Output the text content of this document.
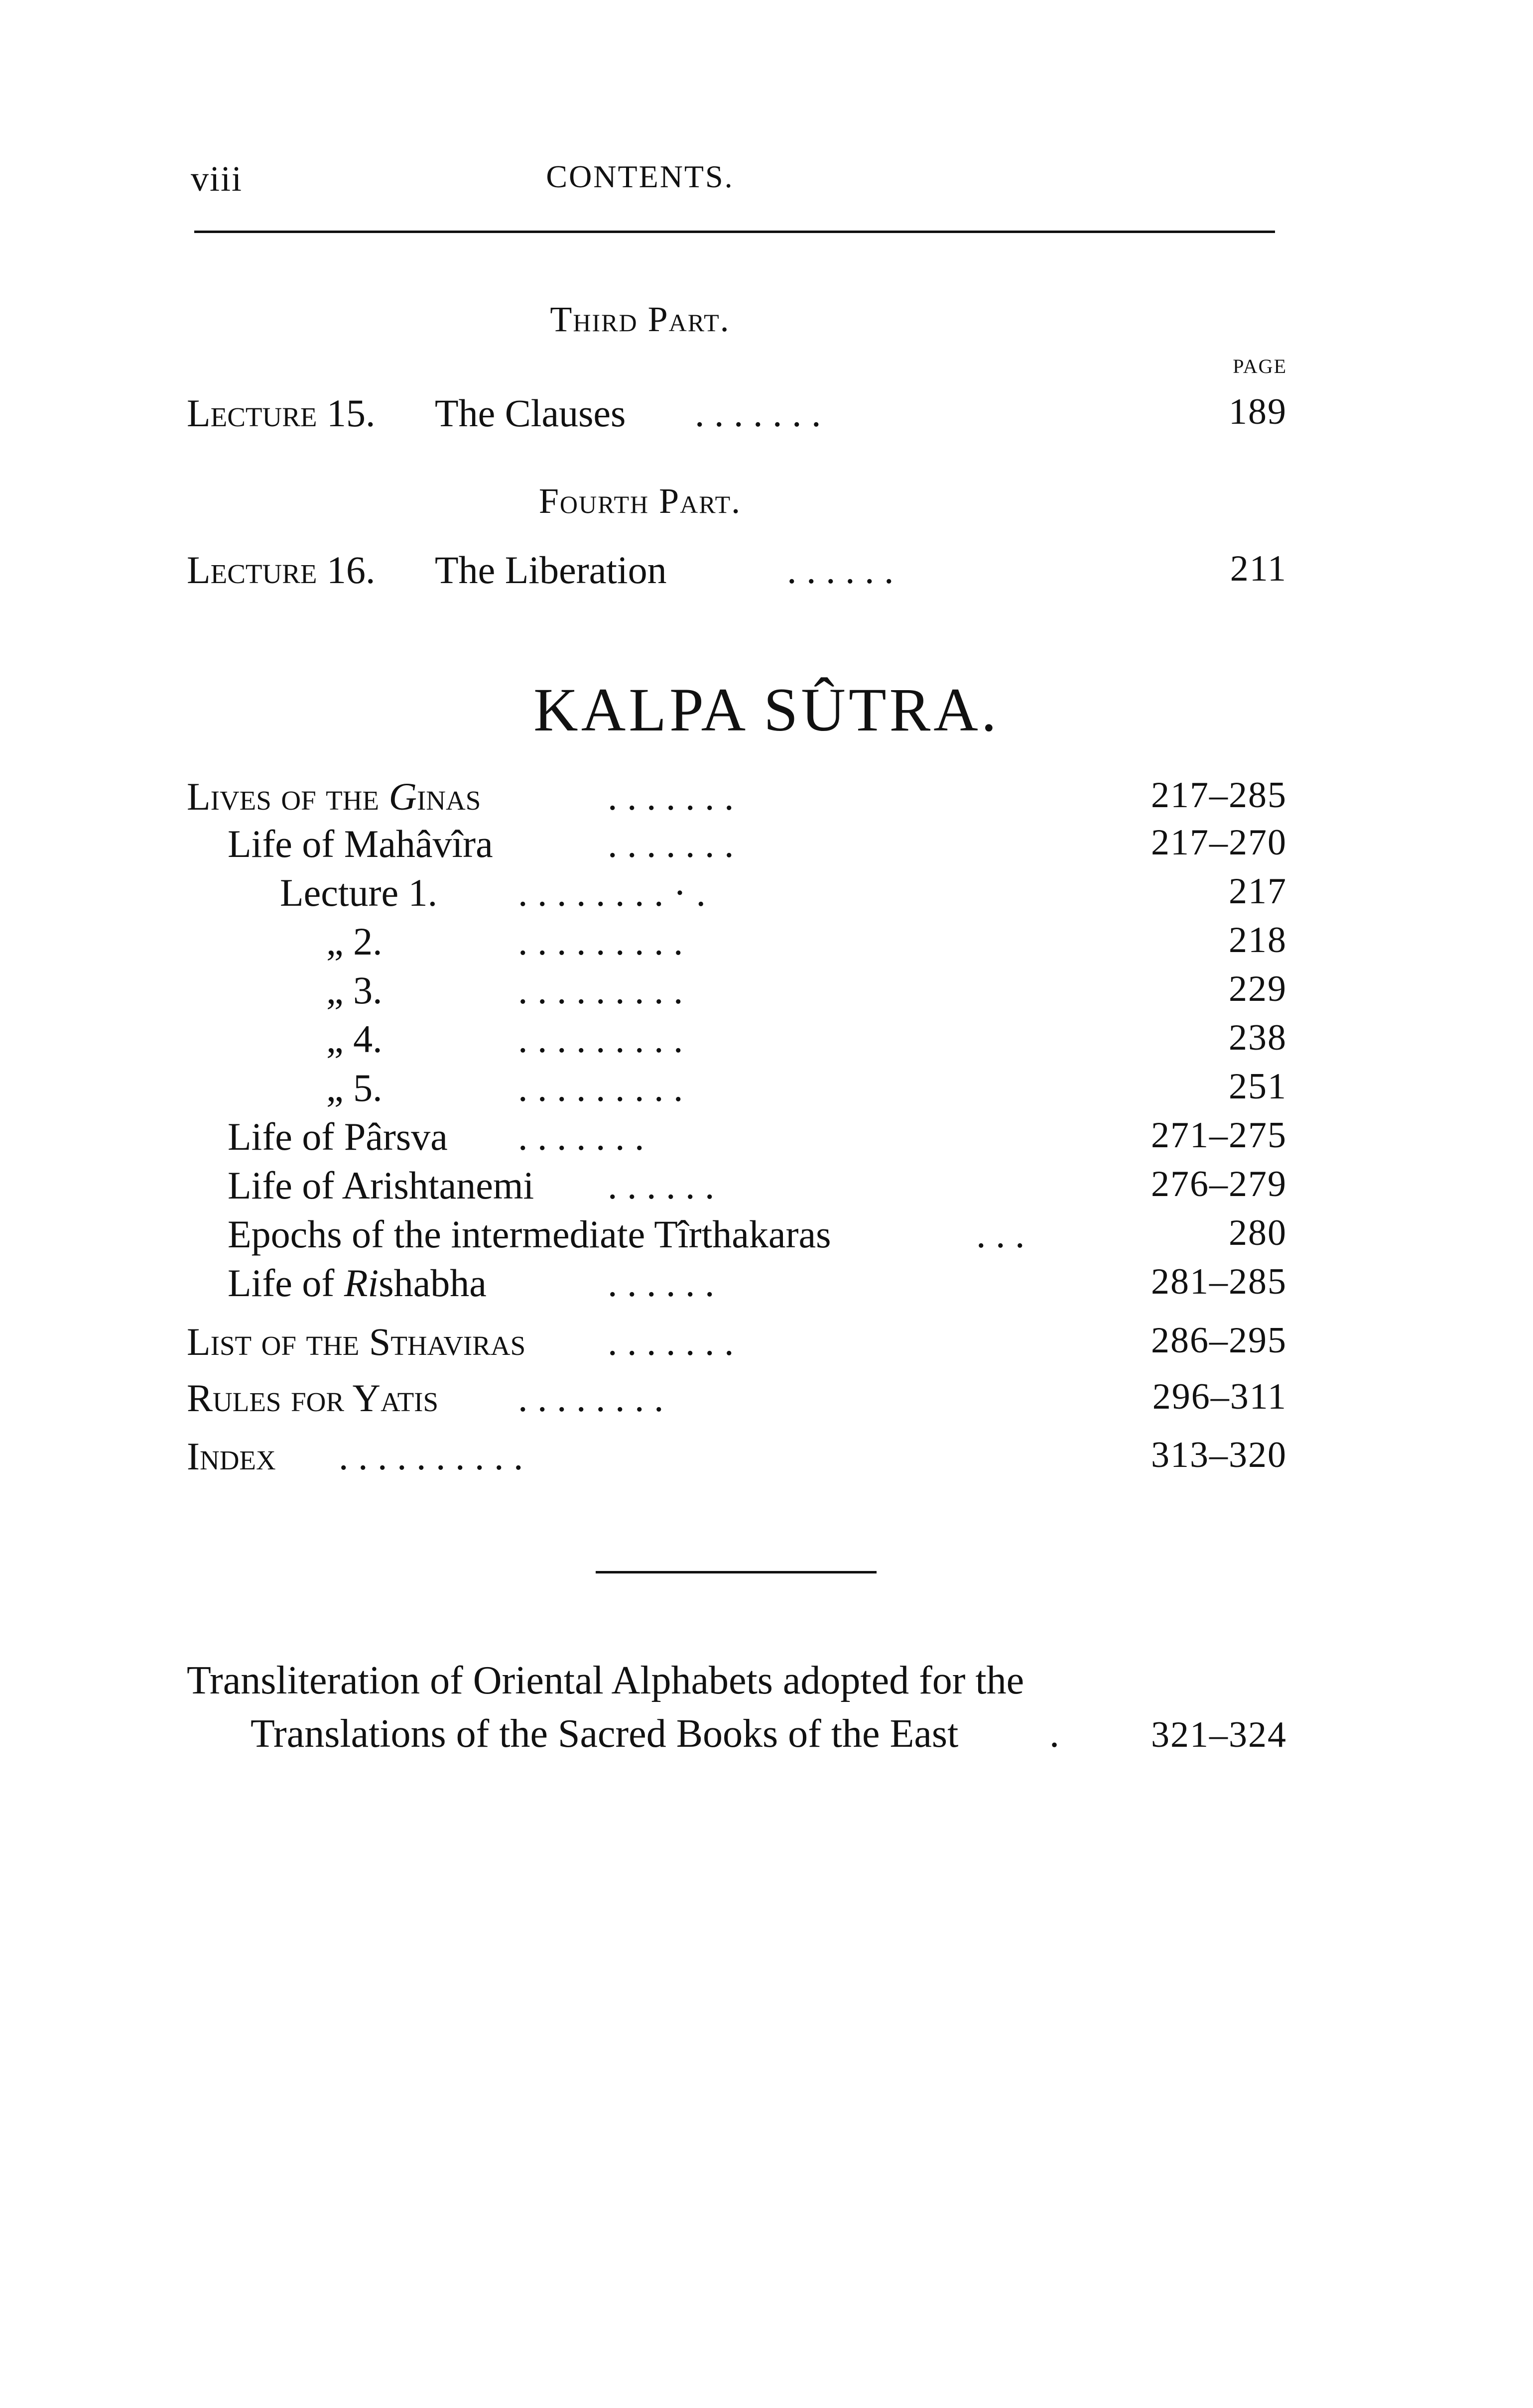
viii	CONTENTS.
Third Part.
PAGE
Lecture 15. The Clauses . . . . . . .	189
Fourth Part.
Lecture 16. The Liberation	. . . . . .	211
KALPA SÛTRA.
Lives of the Ginas	. . . . . . .	217–285
Life of Mahâvîra	. . . . . . .	217–270
Lecture 1. . . . . . . . . · .	217
„ 2.	. . . . . . . . .	218
„ 3.	. . . . . . . . .	229
„ 4.	. . . . . . . . .	238
„ 5.	. . . . . . . . .	251
Life of Pârsva . . . . . . .	271–275
Life of Arishtanemi . . . . . .	276–279
Epochs of the intermediate Tîrthakaras	. . .	280
Life of Rishabha	. . . . . .	281–285
List of the Sthaviras . . . . . . .	286–295
Rules for Yatis . . . . . . . .	296–311
Index . . . . . . . . . .	313–320
Transliteration of Oriental Alphabets adopted for the
Translations of the Sacred Books of the East . 321–324
